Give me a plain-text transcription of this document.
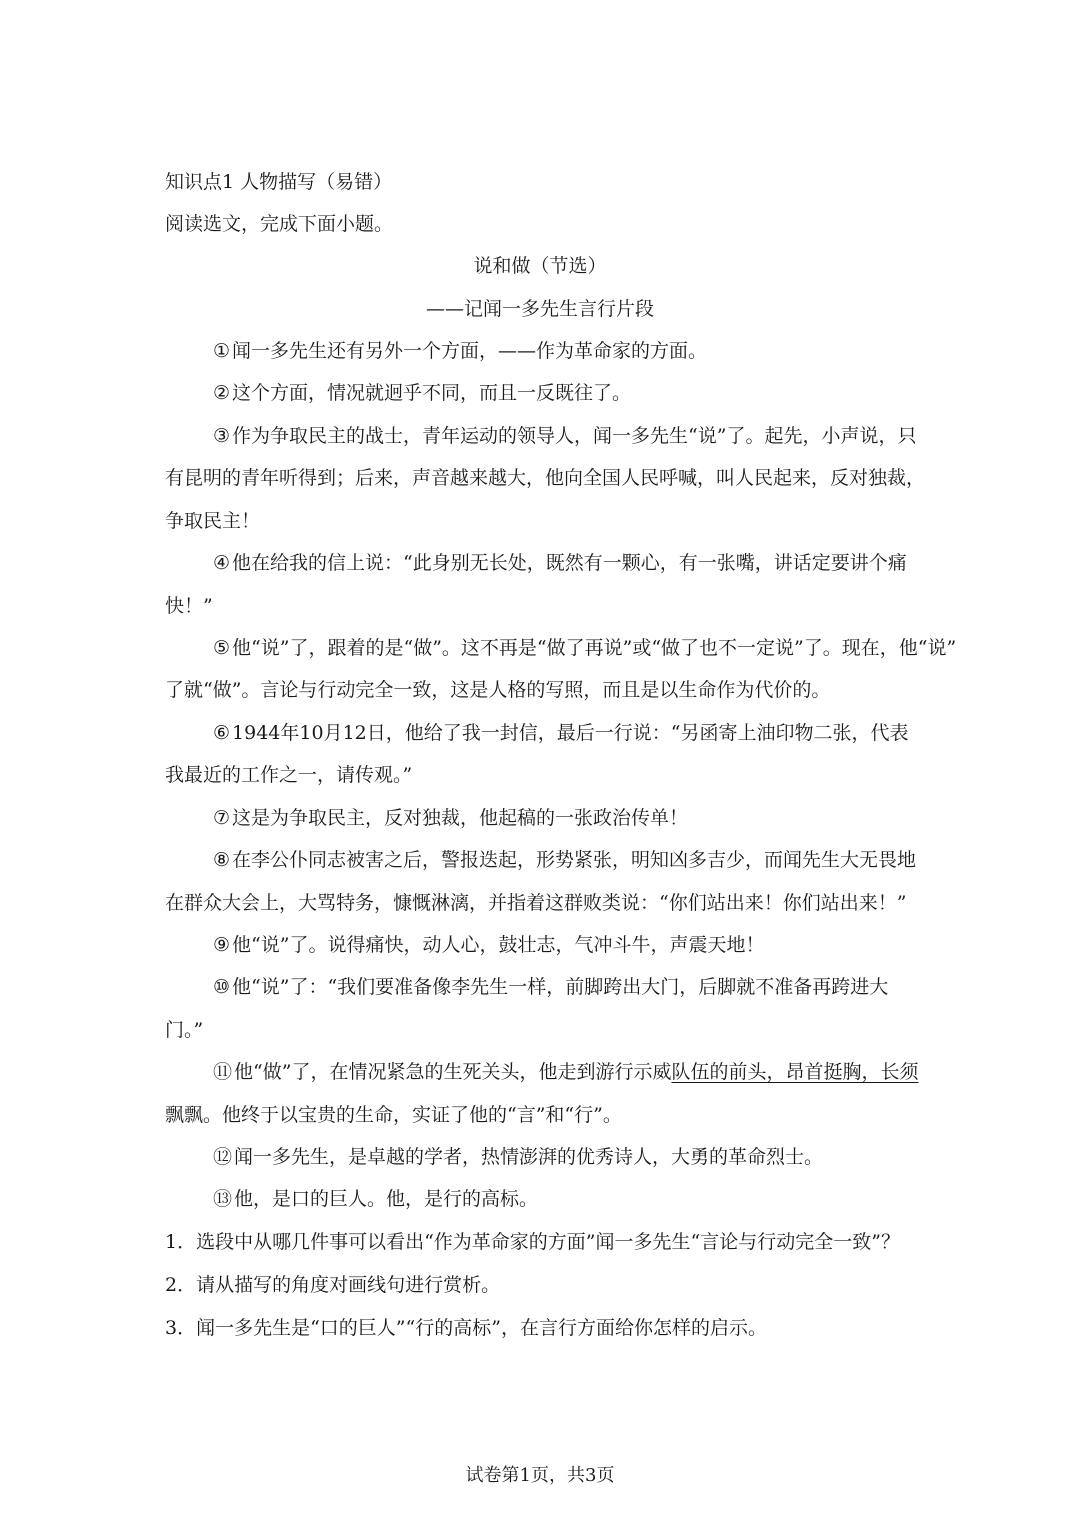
知识点1 人物描写（易错）
阅读选文，完成下面小题。
说和做（节选）
——记闻一多先生言行片段
① 闻一多先生还有另外一个方面，——作为革命家的方面。
② 这个方面，情况就迥乎不同，而且一反既往了。
③ 作为争取民主的战士，青年运动的领导人，闻一多先生“说”了。起先，小声说，只
有昆明的青年听得到；后来，声音越来越大，他向全国人民呼喊，叫人民起来，反对独裁，
争取民主！
④ 他在给我的信上说：“此身别无长处，既然有一颗心，有一张嘴，讲话定要讲个痛
快！”
⑤ 他“说”了，跟着的是“做”。这不再是“做了再说”或“做了也不一定说”了。现在，他“说”
了就“做”。言论与行动完全一致，这是人格的写照，而且是以生命作为代价的。
⑥ 1944年10月12日，他给了我一封信，最后一行说：“另函寄上油印物二张，代表
我最近的工作之一，请传观。”
⑦ 这是为争取民主，反对独裁，他起稿的一张政治传单！
⑧ 在李公仆同志被害之后，警报迭起，形势紧张，明知凶多吉少，而闻先生大无畏地
在群众大会上，大骂特务，慷慨淋漓，并指着这群败类说：“你们站出来！你们站出来！”
⑨ 他“说”了。说得痛快，动人心，鼓壮志，气冲斗牛，声震天地！
⑩ 他“说”了：“我们要准备像李先生一样，前脚跨出大门，后脚就不准备再跨进大
门。”
⑪ 他“做”了，在情况紧急的生死关头，他走到游行示威队伍的前头，昂首挺胸，长须
飘飘。他终于以宝贵的生命，实证了他的“言”和“行”。
⑫ 闻一多先生，是卓越的学者，热情澎湃的优秀诗人，大勇的革命烈士。
⑬ 他，是口的巨人。他，是行的高标。
1．选段中从哪几件事可以看出“作为革命家的方面”闻一多先生“言论与行动完全一致”？
2．请从描写的角度对画线句进行赏析。
3．闻一多先生是“口的巨人”“行的高标”，在言行方面给你怎样的启示。
试卷第1页，共3页
